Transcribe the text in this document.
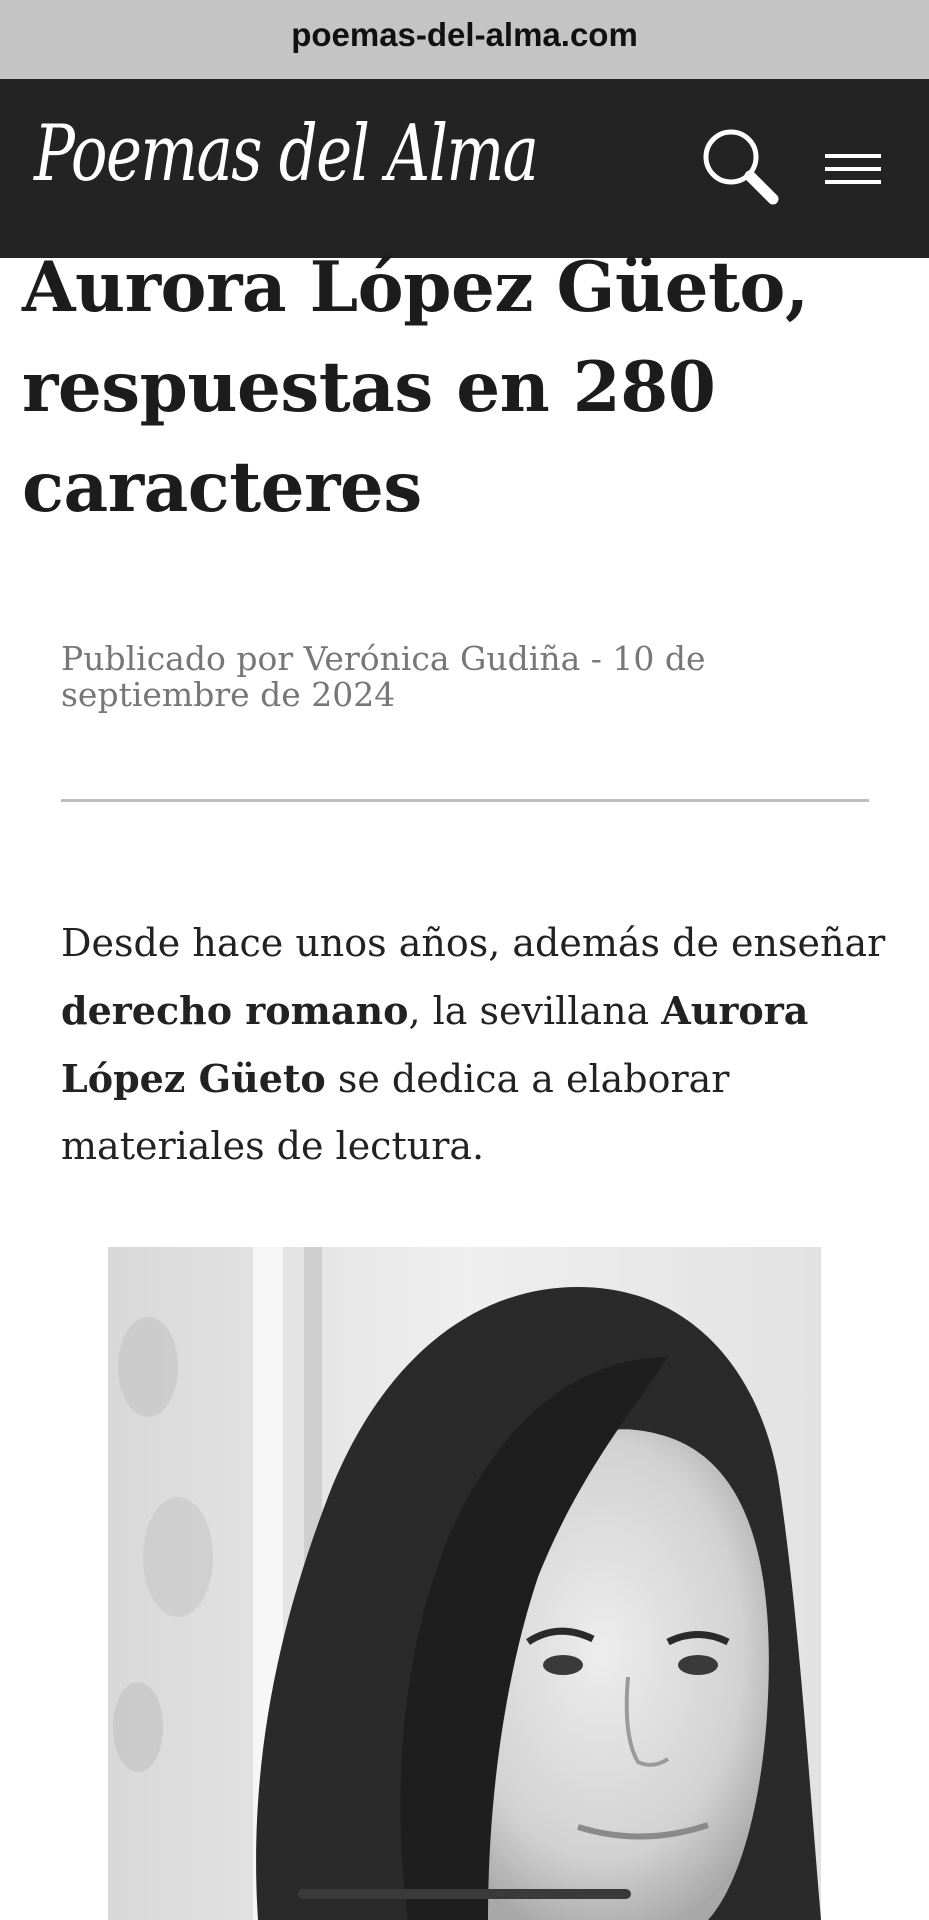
poemas-del-alma.com
Poemas del Alma
Aurora López Güeto,
respuestas en 280
caracteres
Publicado por Verónica Gudiña - 10 de
septiembre de 2024

Desde hace unos años, además de enseñar derecho romano, la sevillana Aurora López Güeto se dedica a elaborar materiales de lectura.
